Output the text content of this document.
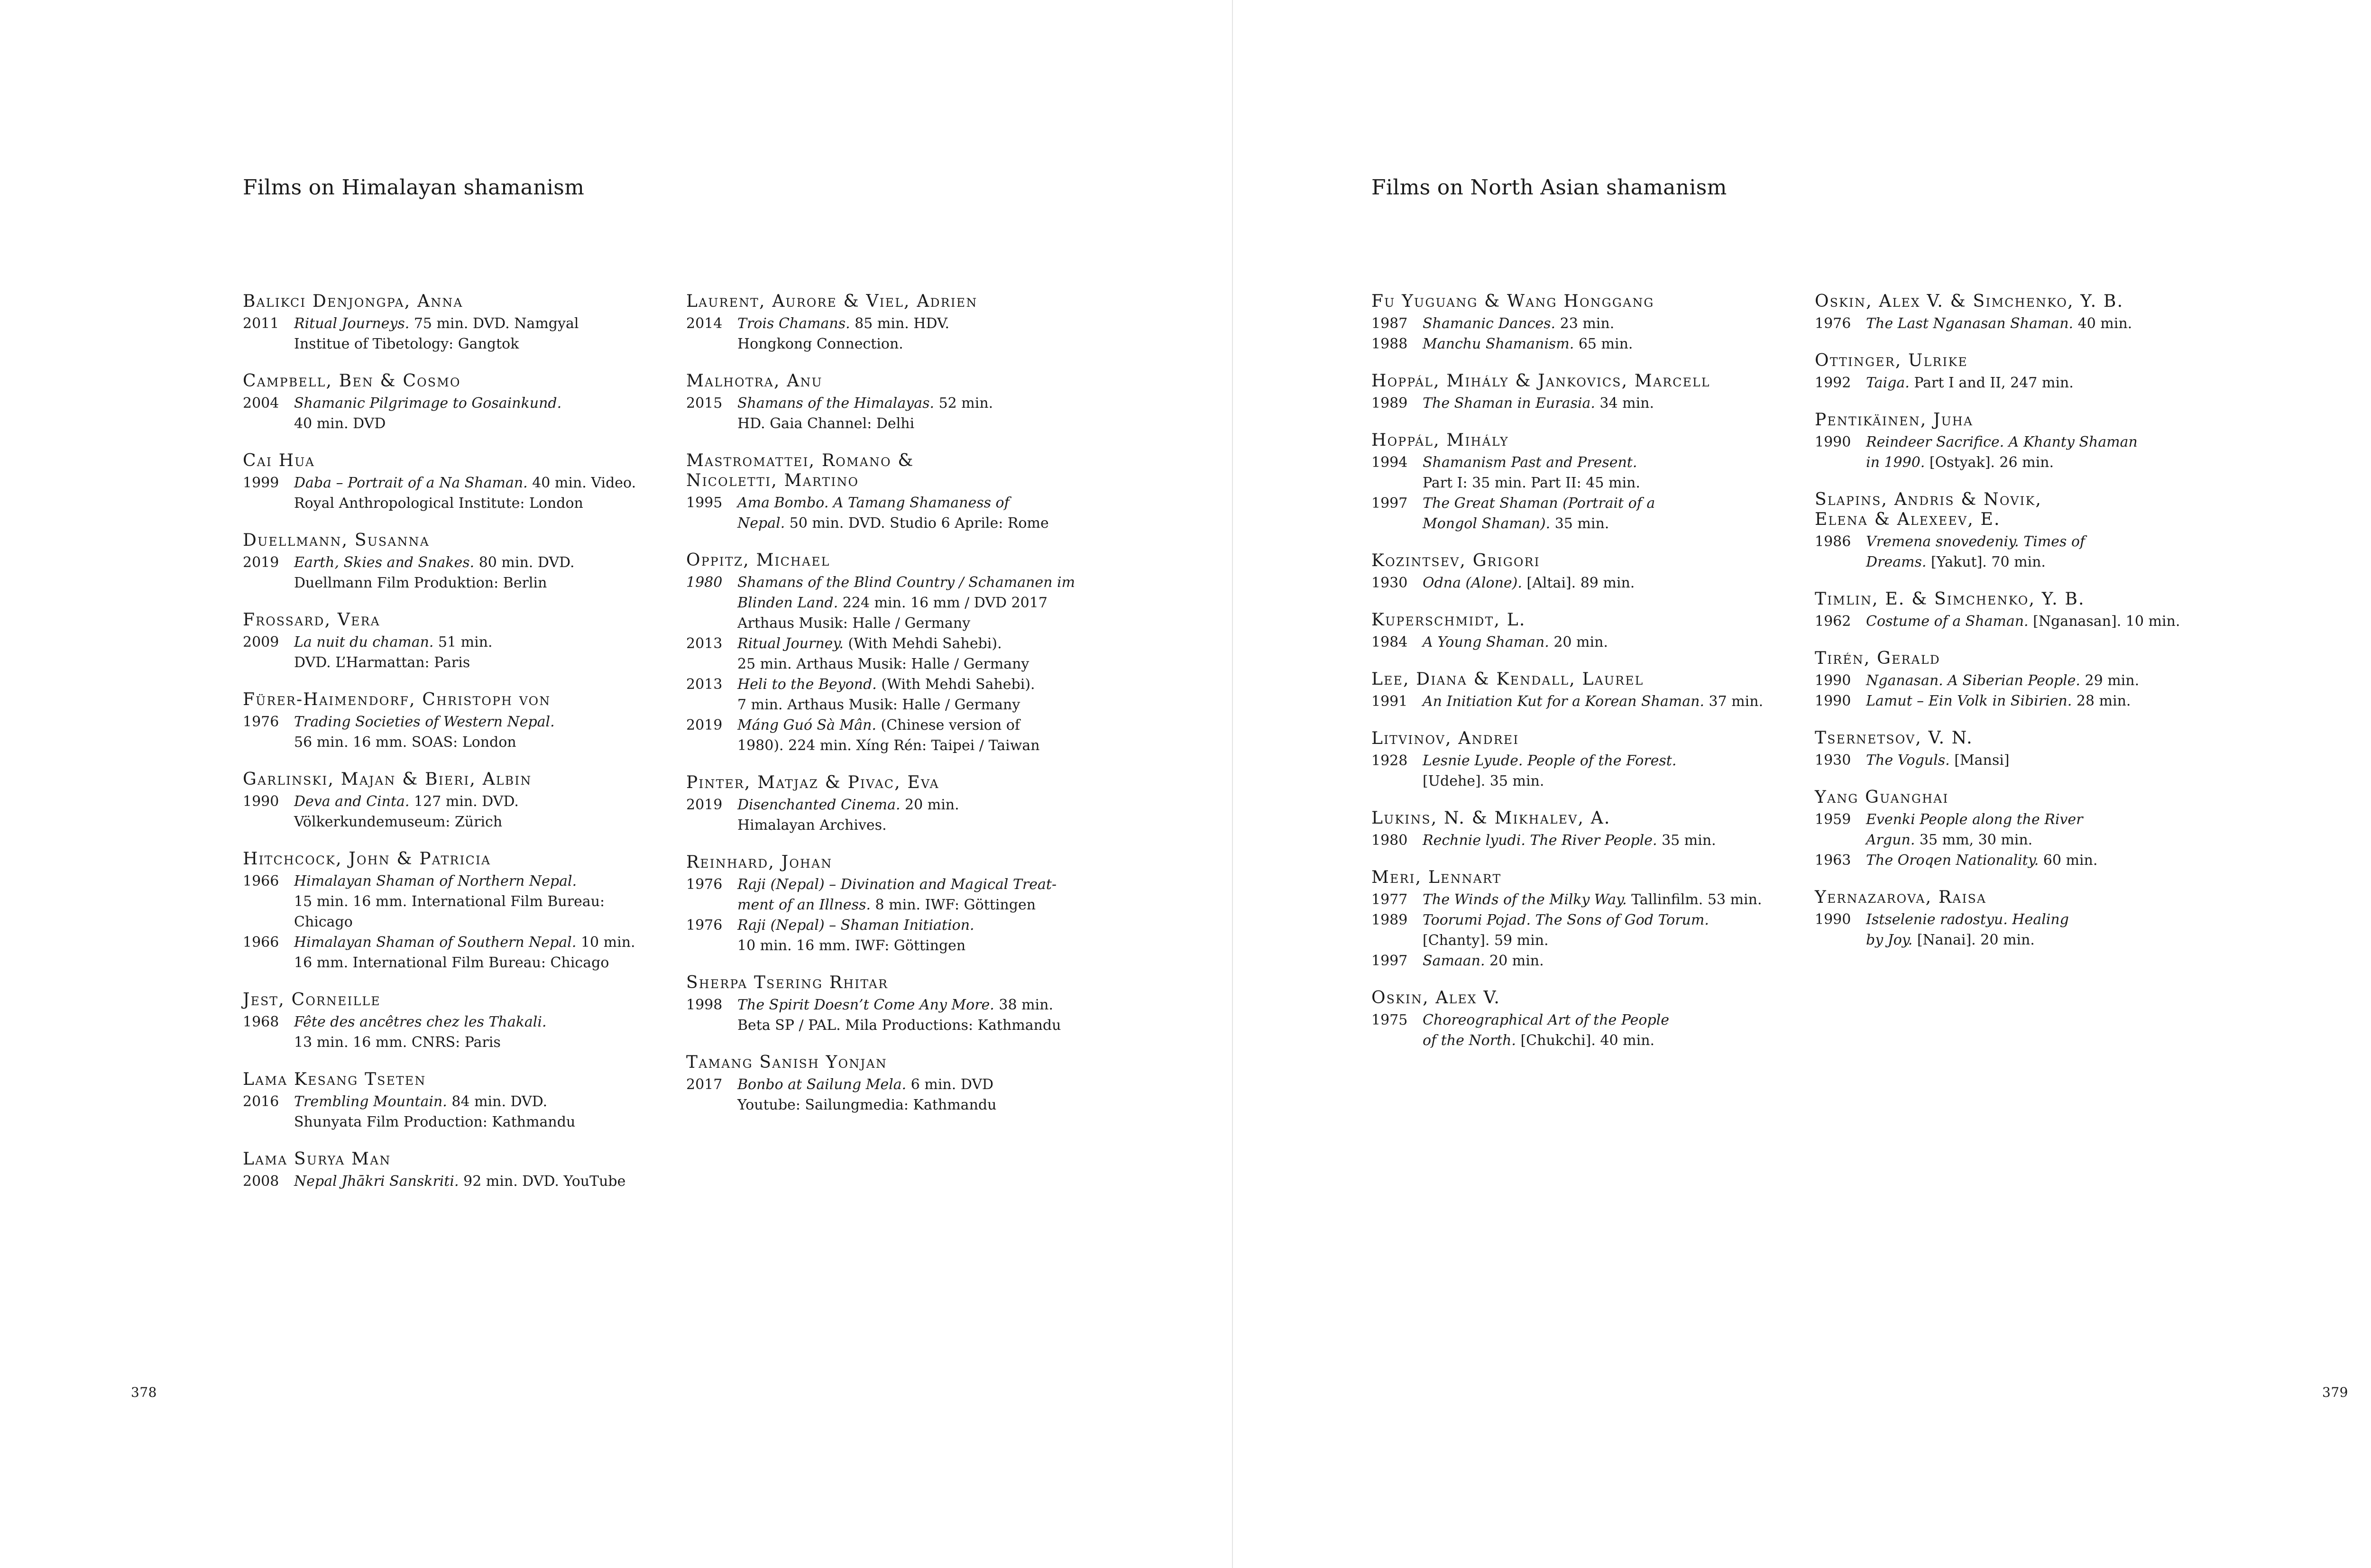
Films on Himalayan shamanism
Balikci Denjongpa, Anna
2011	Ritual Journeys. 75 min. DVD. Namgyal
Institue of Tibetology: Gangtok
Campbell, Ben & Cosmo
2004	Shamanic Pilgrimage to Gosainkund.
40 min. DVD
Cai Hua
1999	Daba – Portrait of a Na Shaman. 40 min. Video.
Royal Anthropological Institute: London
Duellmann, Susanna
2019	Earth, Skies and Snakes. 80 min. DVD.
Duellmann Film Produktion: Berlin
Frossard, Vera
2009	La nuit du chaman. 51 min.
DVD. L’Harmattan: Paris
Fürer-Haimendorf, Christoph von
1976	Trading Societies of Western Nepal.
56 min. 16 mm. SOAS: London
Garlinski, Majan & Bieri, Albin
1990	Deva and Cinta. 127 min. DVD.
Völkerkundemuseum: Zürich
Hitchcock, John & Patricia
1966	Himalayan Shaman of Northern Nepal.
15 min. 16 mm. International Film Bureau:
Chicago
1966	Himalayan Shaman of Southern Nepal. 10 min.
16 mm. International Film Bureau: Chicago
Jest, Corneille
1968	Fête des ancêtres chez les Thakali.
13 min. 16 mm. CNRS: Paris
Lama Kesang Tseten
2016	Trembling Mountain. 84 min. DVD.
Shunyata Film Production: Kathmandu
Lama Surya Man
2008	Nepal Jhākri Sanskriti. 92 min. DVD. YouTube
Laurent, Aurore & Viel, Adrien
2014	Trois Chamans. 85 min. HDV.
Hongkong Connection.
Malhotra, Anu
2015	Shamans of the Himalayas. 52 min.
HD. Gaia Channel: Delhi
Mastromattei, Romano &
Nicoletti, Martino
1995	Ama Bombo. A Tamang Shamaness of
Nepal. 50 min. DVD. Studio 6 Aprile: Rome
Oppitz, Michael
1980	Shamans of the Blind Country / Schamanen im
Blinden Land. 224 min. 16 mm / DVD 2017
Arthaus Musik: Halle / Germany
2013	Ritual Journey. (With Mehdi Sahebi).
25 min. Arthaus Musik: Halle / Germany
2013	Heli to the Beyond. (With Mehdi Sahebi).
7 min. Arthaus Musik: Halle / Germany
2019	Máng Guó Sà Mân. (Chinese version of
1980). 224 min. Xíng Rén: Taipei / Taiwan
Pinter, Matjaz & Pivac, Eva
2019	Disenchanted Cinema. 20 min.
Himalayan Archives.
Reinhard, Johan
1976	Raji (Nepal) – Divination and Magical Treat-
ment of an Illness. 8 min. IWF: Göttingen
1976	Raji (Nepal) – Shaman Initiation.
10 min. 16 mm. IWF: Göttingen
Sherpa Tsering Rhitar
1998	The Spirit Doesn’t Come Any More. 38 min.
Beta SP / PAL. Mila Productions: Kathmandu
Tamang Sanish Yonjan
2017	Bonbo at Sailung Mela. 6 min. DVD
Youtube: Sailungmedia: Kathmandu
378
Films on North Asian shamanism
Fu Yuguang & Wang Honggang
1987	Shamanic Dances. 23 min.
1988	Manchu Shamanism. 65 min.
Hoppál, Mihály & Jankovics, Marcell
1989	The Shaman in Eurasia. 34 min.
Hoppál, Mihály
1994	Shamanism Past and Present.
Part I: 35 min. Part II: 45 min.
1997	The Great Shaman (Portrait of a
Mongol Shaman). 35 min.
Kozintsev, Grigori
1930	Odna (Alone). [Altai]. 89 min.
Kuperschmidt, L.
1984	A Young Shaman. 20 min.
Lee, Diana & Kendall, Laurel
1991	An Initiation Kut for a Korean Shaman. 37 min.
Litvinov, Andrei
1928	Lesnie Lyude. People of the Forest.
[Udehe]. 35 min.
Lukins, N. & Mikhalev, A.
1980	Rechnie lyudi. The River People. 35 min.
Meri, Lennart
1977	The Winds of the Milky Way. Tallinfilm. 53 min.
1989	Toorumi Pojad. The Sons of God Torum.
[Chanty]. 59 min.
1997	Samaan. 20 min.
Oskin, Alex V.
1975	Choreographical Art of the People
of the North. [Chukchi]. 40 min.
Oskin, Alex V. & Simchenko, Y. B.
1976	The Last Nganasan Shaman. 40 min.
Ottinger, Ulrike
1992	Taiga. Part I and II, 247 min.
Pentikäinen, Juha
1990	Reindeer Sacrifice. A Khanty Shaman
in 1990. [Ostyak]. 26 min.
Slapins, Andris & Novik,
Elena & Alexeev, E.
1986	Vremena snovedeniy. Times of
Dreams. [Yakut]. 70 min.
Timlin, E. & Simchenko, Y. B.
1962	Costume of a Shaman. [Nganasan]. 10 min.
Tirén, Gerald
1990	Nganasan. A Siberian People. 29 min.
1990	Lamut – Ein Volk in Sibirien. 28 min.
Tsernetsov, V. N.
1930	The Voguls. [Mansi]
Yang Guanghai
1959	Evenki People along the River
Argun. 35 mm, 30 min.
1963	The Oroqen Nationality. 60 min.
Yernazarova, Raisa
1990	Istselenie radostyu. Healing
by Joy. [Nanai]. 20 min.
379
